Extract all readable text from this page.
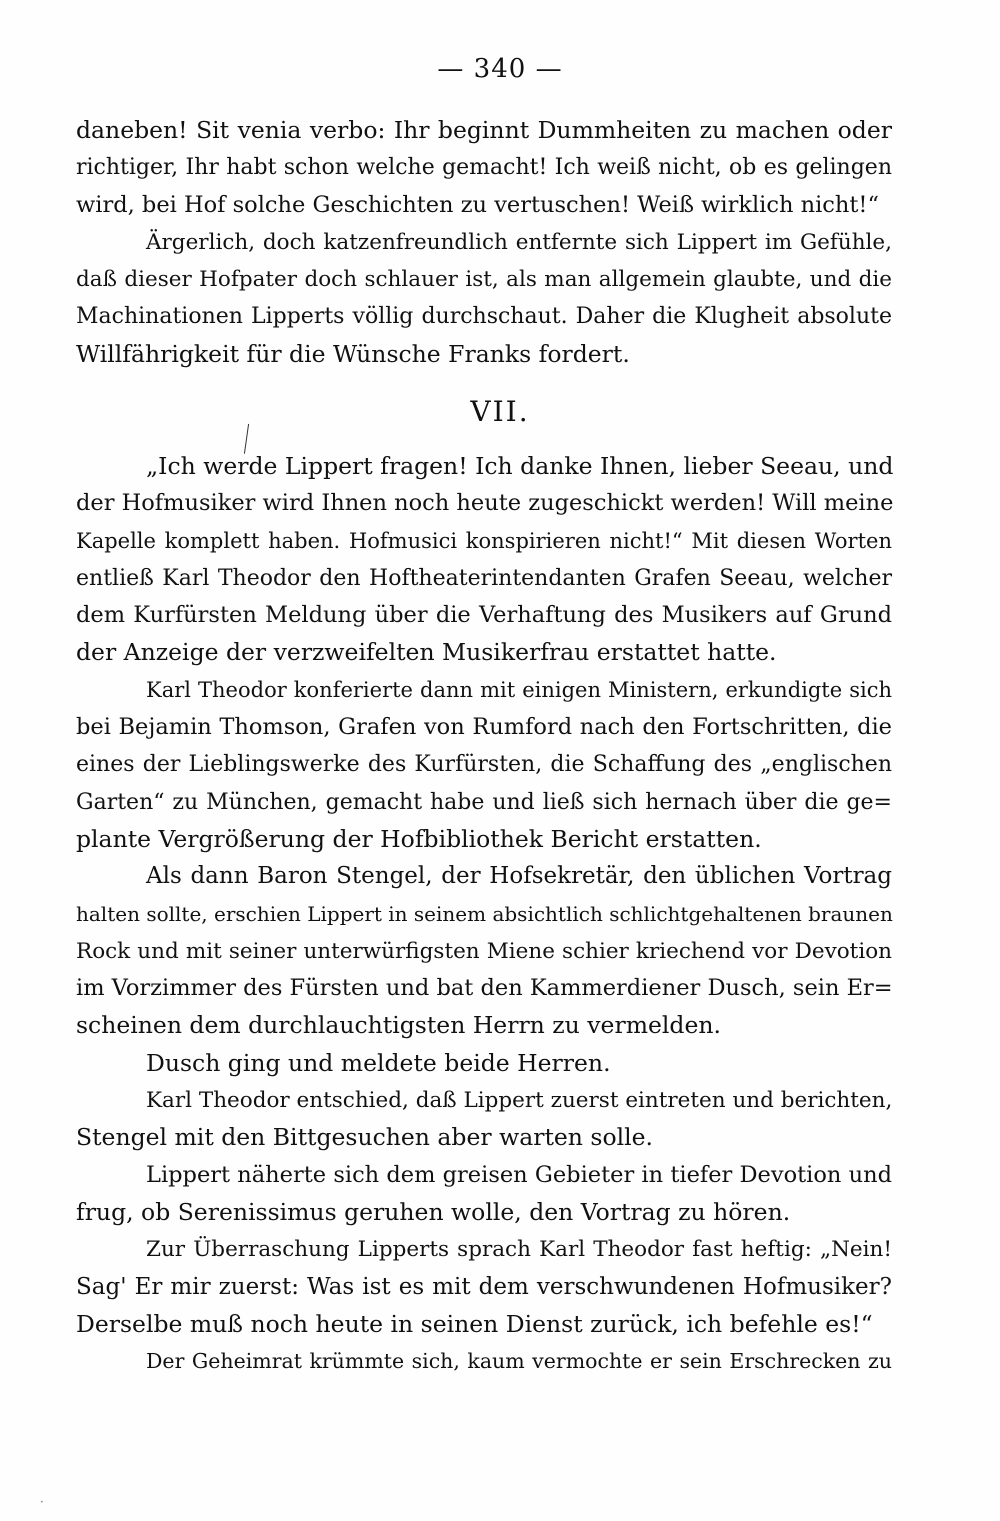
— 340 —
daneben! Sit venia verbo: Ihr beginnt Dummheiten zu machen oder
richtiger, Ihr habt schon welche gemacht! Ich weiß nicht, ob es gelingen
wird, bei Hof solche Geschichten zu vertuschen! Weiß wirklich nicht!“
Ärgerlich, doch katzenfreundlich entfernte sich Lippert im Gefühle,
daß dieser Hofpater doch schlauer ist, als man allgemein glaubte, und die
Machinationen Lipperts völlig durchschaut. Daher die Klugheit absolute
Willfährigkeit für die Wünsche Franks fordert.
VII.
„Ich werde Lippert fragen! Ich danke Ihnen, lieber Seeau, und
der Hofmusiker wird Ihnen noch heute zugeschickt werden! Will meine
Kapelle komplett haben. Hofmusici konspirieren nicht!“ Mit diesen Worten
entließ Karl Theodor den Hoftheaterintendanten Grafen Seeau, welcher
dem Kurfürsten Meldung über die Verhaftung des Musikers auf Grund
der Anzeige der verzweifelten Musikerfrau erstattet hatte.
Karl Theodor konferierte dann mit einigen Ministern, erkundigte sich
bei Bejamin Thomson, Grafen von Rumford nach den Fortschritten, die
eines der Lieblingswerke des Kurfürsten, die Schaffung des „englischen
Garten“ zu München, gemacht habe und ließ sich hernach über die ge=
plante Vergrößerung der Hofbibliothek Bericht erstatten.
Als dann Baron Stengel, der Hofsekretär, den üblichen Vortrag
halten sollte, erschien Lippert in seinem absichtlich schlichtgehaltenen braunen
Rock und mit seiner unterwürfigsten Miene schier kriechend vor Devotion
im Vorzimmer des Fürsten und bat den Kammerdiener Dusch, sein Er=
scheinen dem durchlauchtigsten Herrn zu vermelden.
Dusch ging und meldete beide Herren.
Karl Theodor entschied, daß Lippert zuerst eintreten und berichten,
Stengel mit den Bittgesuchen aber warten solle.
Lippert näherte sich dem greisen Gebieter in tiefer Devotion und
frug, ob Serenissimus geruhen wolle, den Vortrag zu hören.
Zur Überraschung Lipperts sprach Karl Theodor fast heftig: „Nein!
Sag' Er mir zuerst: Was ist es mit dem verschwundenen Hofmusiker?
Derselbe muß noch heute in seinen Dienst zurück, ich befehle es!“
Der Geheimrat krümmte sich, kaum vermochte er sein Erschrecken zu
·
